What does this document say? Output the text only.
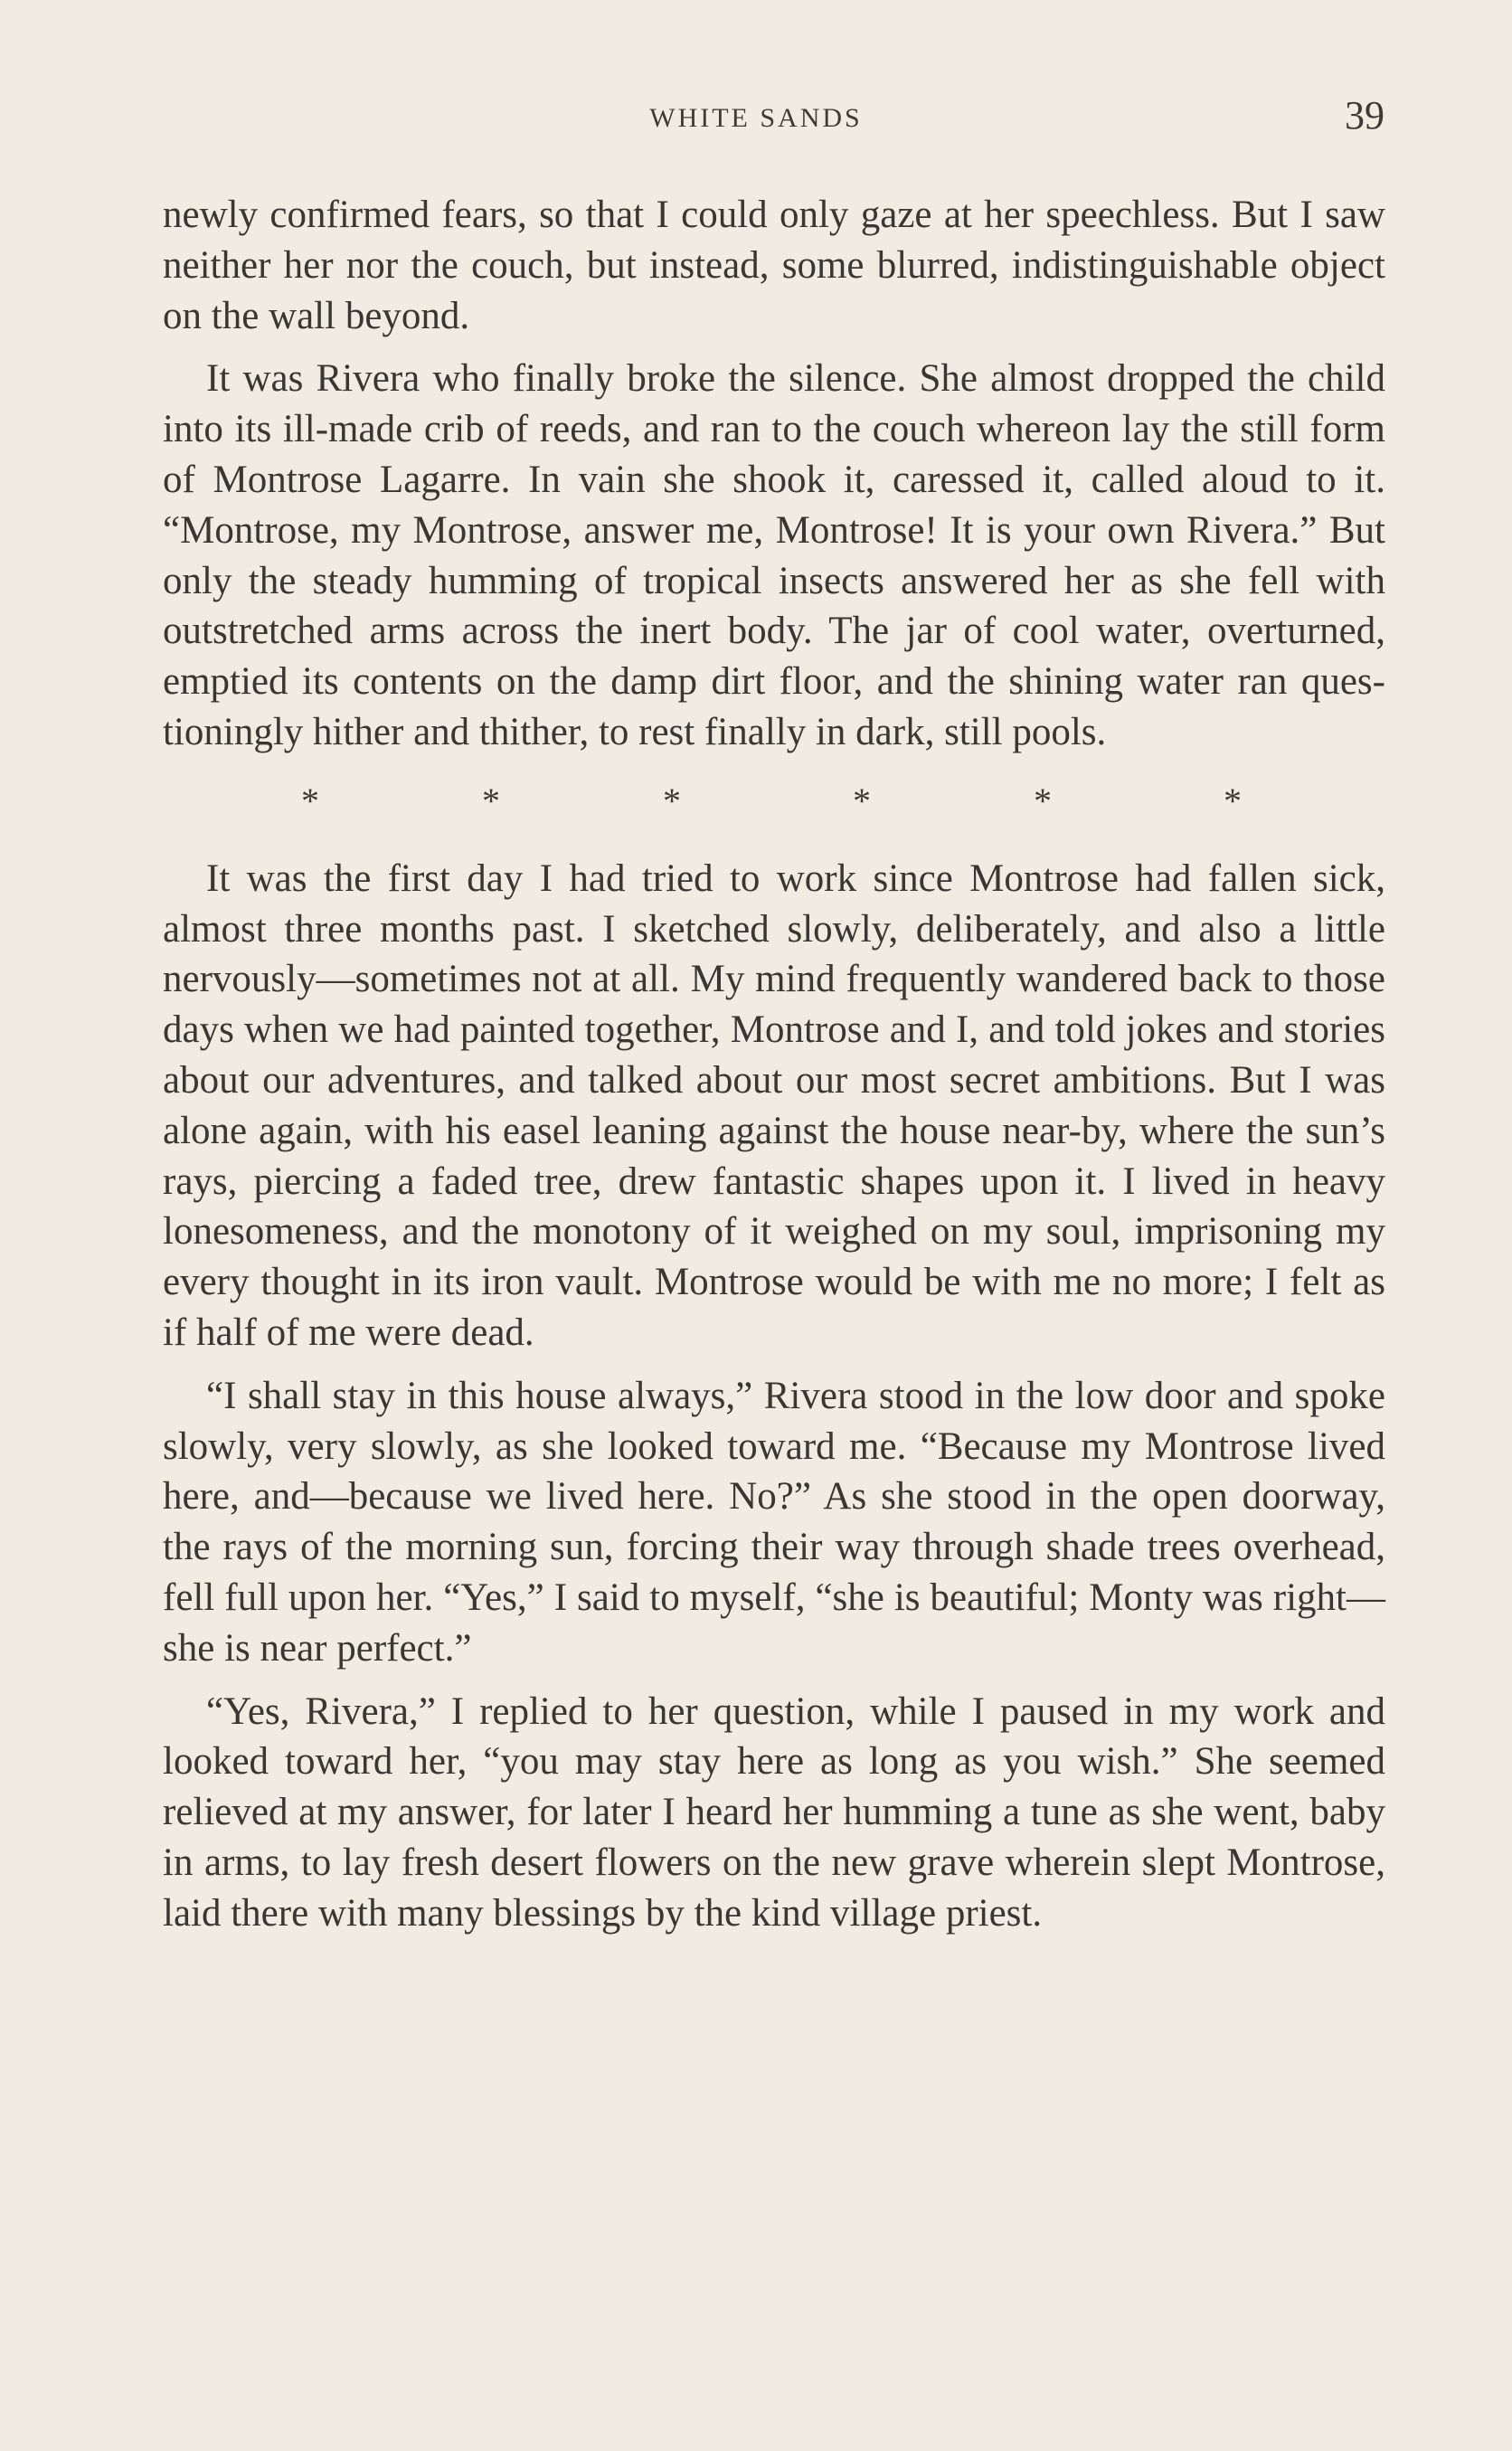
WHITE SANDS	39

newly confirmed fears, so that I could only gaze at her speechless. But I saw neither her nor the couch, but instead, some blurred, indistinguishable object on the wall beyond.

It was Rivera who finally broke the silence. She almost dropped the child into its ill-made crib of reeds, and ran to the couch whereon lay the still form of Montrose Lagarre. In vain she shook it, caressed it, called aloud to it. “Montrose, my Montrose, answer me, Montrose! It is your own Rivera.” But only the steady humming of tropical insects answered her as she fell with outstretched arms across the inert body. The jar of cool water, overturned, emptied its contents on the damp dirt floor, and the shining water ran questioningly hither and thither, to rest finally in dark, still pools.

*	*	*	*	*	*

It was the first day I had tried to work since Montrose had fallen sick, almost three months past. I sketched slowly, deliberately, and also a little nervously—sometimes not at all. My mind frequently wandered back to those days when we had painted together, Montrose and I, and told jokes and stories about our adventures, and talked about our most secret ambitions. But I was alone again, with his easel leaning against the house near-by, where the sun’s rays, piercing a faded tree, drew fantastic shapes upon it. I lived in heavy lonesomeness, and the monotony of it weighed on my soul, imprisoning my every thought in its iron vault. Montrose would be with me no more; I felt as if half of me were dead.

“I shall stay in this house always,” Rivera stood in the low door and spoke slowly, very slowly, as she looked toward me. “Because my Montrose lived here, and—because we lived here. No?” As she stood in the open doorway, the rays of the morning sun, forcing their way through shade trees overhead, fell full upon her. “Yes,” I said to myself, “she is beautiful; Monty was right—she is near perfect.”

“Yes, Rivera,” I replied to her question, while I paused in my work and looked toward her, “you may stay here as long as you wish.” She seemed relieved at my answer, for later I heard her humming a tune as she went, baby in arms, to lay fresh desert flowers on the new grave wherein slept Montrose, laid there with many blessings by the kind village priest.
